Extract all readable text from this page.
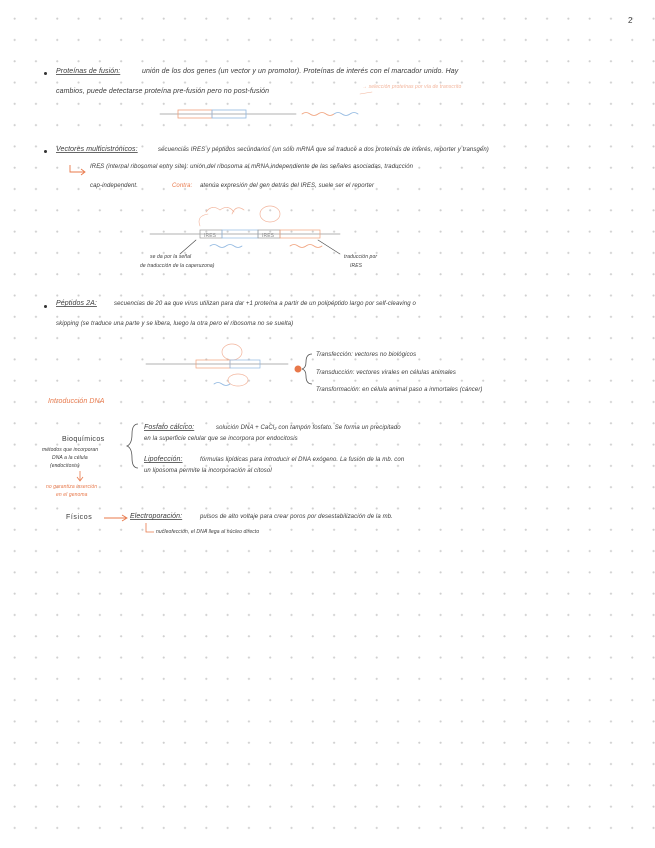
2
Proteínas de fusión:	unión de los dos genes (un vector y un promotor). Proteínas de interés con el marcador unido. Hay
cambios, puede detectarse proteína pre-fusión pero no post-fusión
→ selección proteínas por vía de transcrito
Vectores multicistrónicos:	secuencias IRES y péptidos secundarios (un sólo mRNA que se traduce a dos proteínas de interés, reporter y transgén)
IRES (internal ribosomal entry site): unión del ribosoma al mRNA independiente de las señales asociadas, traducción
cap-independent.	Contra: atenúa expresión del gen detrás del IRES, suele ser el reporter
se da por la señal
de traducción de la caperuzona)
traducción por
IRES
IRES	IRES
Péptidos 2A:	secuencias de 20 aa que virus utilizan para dar +1 proteína a partir de un polipéptido largo por self-cleaving o
skipping (se traduce una parte y se libera, luego la otra pero el ribosoma no se suelta)
Transfección: vectores no biológicos
Transducción: vectores virales en células animales
Transformación: en célula animal paso a inmortales (cáncer)
Introducción DNA
Bioquímicos
métodos que incorporan
DNA a la célula
(endocitosis)
no garantiza inserción
en el genoma
Fosfato cálcico:	solución DNA + CaCl₂ con tampón fosfato. Se forma un precipitado
en la superficie celular que se incorpora por endocitosis
Lipofección:	fórmulas lipídicas para introducir el DNA exógeno. La fusión de la mb. con
un liposoma permite la incorporación al citosol
Físicos	Electroporación:	pulsos de alto voltaje para crear poros por desestabilización de la mb.
nucleofección, el DNA llega al núcleo directo
